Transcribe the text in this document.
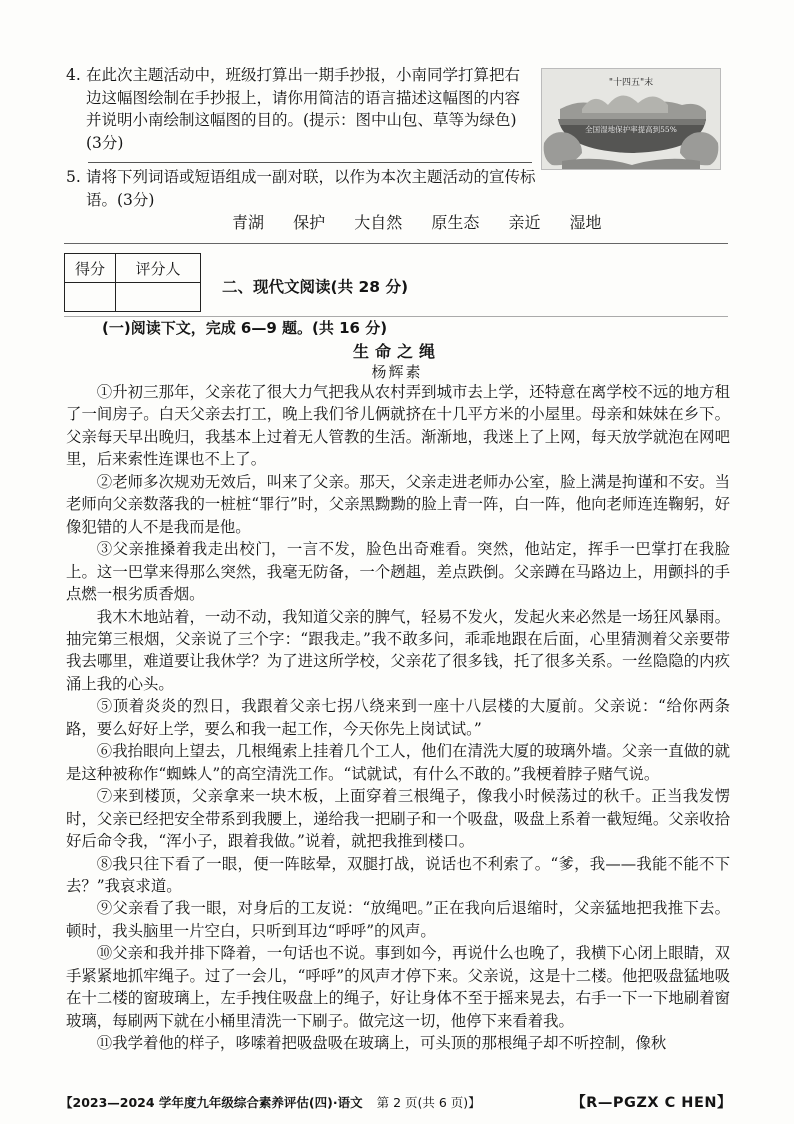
4. 在此次主题活动中，班级打算出一期手抄报，小南同学打算把右边这幅图绘制在手抄报上，请你用简洁的语言描述这幅图的内容并说明小南绘制这幅图的目的。(提示：图中山包、草等为绿色)(3分)
"十四五"末
全国湿地保护率提高到55%
5. 请将下列词语或短语组成一副对联，以作为本次主题活动的宣传标语。(3分)
青湖 保护 大自然 原生态 亲近 湿地
得分	评分人

二、现代文阅读(共 28 分)
(一)阅读下文，完成 6—9 题。(共 16 分)
生命之绳
杨辉素

①升初三那年，父亲花了很大力气把我从农村弄到城市去上学，还特意在离学校不远的地方租了一间房子。白天父亲去打工，晚上我们爷儿俩就挤在十几平方米的小屋里。母亲和妹妹在乡下。父亲每天早出晚归，我基本上过着无人管教的生活。渐渐地，我迷上了上网，每天放学就泡在网吧里，后来索性连课也不上了。

②老师多次规劝无效后，叫来了父亲。那天，父亲走进老师办公室，脸上满是拘谨和不安。当老师向父亲数落我的一桩桩“罪行”时，父亲黑黝黝的脸上青一阵，白一阵，他向老师连连鞠躬，好像犯错的人不是我而是他。

③父亲推搡着我走出校门，一言不发，脸色出奇难看。突然，他站定，挥手一巴掌打在我脸上。这一巴掌来得那么突然，我毫无防备，一个趔趄，差点跌倒。父亲蹲在马路边上，用颤抖的手点燃一根劣质香烟。

我木木地站着，一动不动，我知道父亲的脾气，轻易不发火，发起火来必然是一场狂风暴雨。抽完第三根烟，父亲说了三个字：“跟我走。”我不敢多问，乖乖地跟在后面，心里猜测着父亲要带我去哪里，难道要让我休学？为了进这所学校，父亲花了很多钱，托了很多关系。一丝隐隐的内疚涌上我的心头。

⑤顶着炎炎的烈日，我跟着父亲七拐八绕来到一座十八层楼的大厦前。父亲说：“给你两条路，要么好好上学，要么和我一起工作，今天你先上岗试试。”

⑥我抬眼向上望去，几根绳索上挂着几个工人，他们在清洗大厦的玻璃外墙。父亲一直做的就是这种被称作“蜘蛛人”的高空清洗工作。“试就试，有什么不敢的。”我梗着脖子赌气说。

⑦来到楼顶，父亲拿来一块木板，上面穿着三根绳子，像我小时候荡过的秋千。正当我发愣时，父亲已经把安全带系到我腰上，递给我一把刷子和一个吸盘，吸盘上系着一截短绳。父亲收拾好后命令我，“浑小子，跟着我做。”说着，就把我推到楼口。

⑧我只往下看了一眼，便一阵眩晕，双腿打战，说话也不利索了。“爹，我——我能不能不下去？”我哀求道。

⑨父亲看了我一眼，对身后的工友说：“放绳吧。”正在我向后退缩时，父亲猛地把我推下去。顿时，我头脑里一片空白，只听到耳边“呼呼”的风声。

⑩父亲和我并排下降着，一句话也不说。事到如今，再说什么也晚了，我横下心闭上眼睛，双手紧紧地抓牢绳子。过了一会儿，“呼呼”的风声才停下来。父亲说，这是十二楼。他把吸盘猛地吸在十二楼的窗玻璃上，左手拽住吸盘上的绳子，好让身体不至于摇来晃去，右手一下一下地刷着窗玻璃，每刷两下就在小桶里清洗一下刷子。做完这一切，他停下来看着我。

⑪我学着他的样子，哆嗦着把吸盘吸在玻璃上，可头顶的那根绳子却不听控制，像秋

【2023—2024 学年度九年级综合素养评估(四)·语文 第 2 页(共 6 页)】	【R—PGZX C HEN】
